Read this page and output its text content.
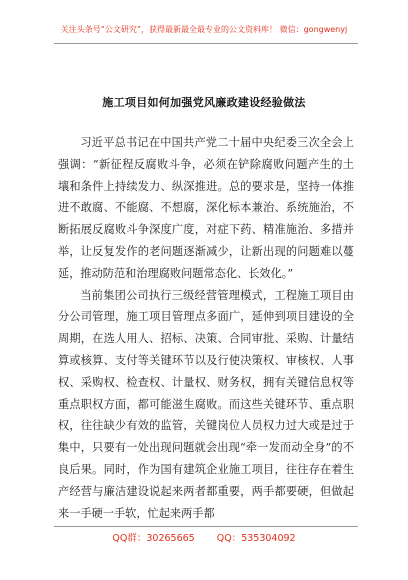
关注头条号“公文研究”，获得最新最全最专业的公文资料库！ 微信：gongwenyj
施工项目如何加强党风廉政建设经验做法

习近平总书记在中国共产党二十届中央纪委三次全会上强调：“新征程反腐败斗争，必须在铲除腐败问题产生的土壤和条件上持续发力、纵深推进。总的要求是，坚持一体推进不敢腐、不能腐、不想腐，深化标本兼治、系统施治，不断拓展反腐败斗争深度广度，对症下药、精准施治、多措并举，让反复发作的老问题逐渐减少，让新出现的问题难以蔓延，推动防范和治理腐败问题常态化、长效化。”

当前集团公司执行三级经营管理模式，工程施工项目由分公司管理，施工项目管理点多面广，延伸到项目建设的全周期，在选人用人、招标、决策、合同审批、采购、计量结算或核算、支付等关键环节以及行使决策权、审核权、人事权、采购权、检查权、计量权、财务权，拥有关键信息权等重点职权方面，都可能滋生腐败。而这些关键环节、重点职权，往往缺少有效的监管，关键岗位人员权力过大或是过于集中，只要有一处出现问题就会出现“牵一发而动全身”的不良后果。同时，作为国有建筑企业施工项目，往往存在着生产经营与廉洁建设说起来两者都重要，两手都要硬，但做起来一手硬一手软，忙起来两手都

QQ群：30265665 QQ：535304092
